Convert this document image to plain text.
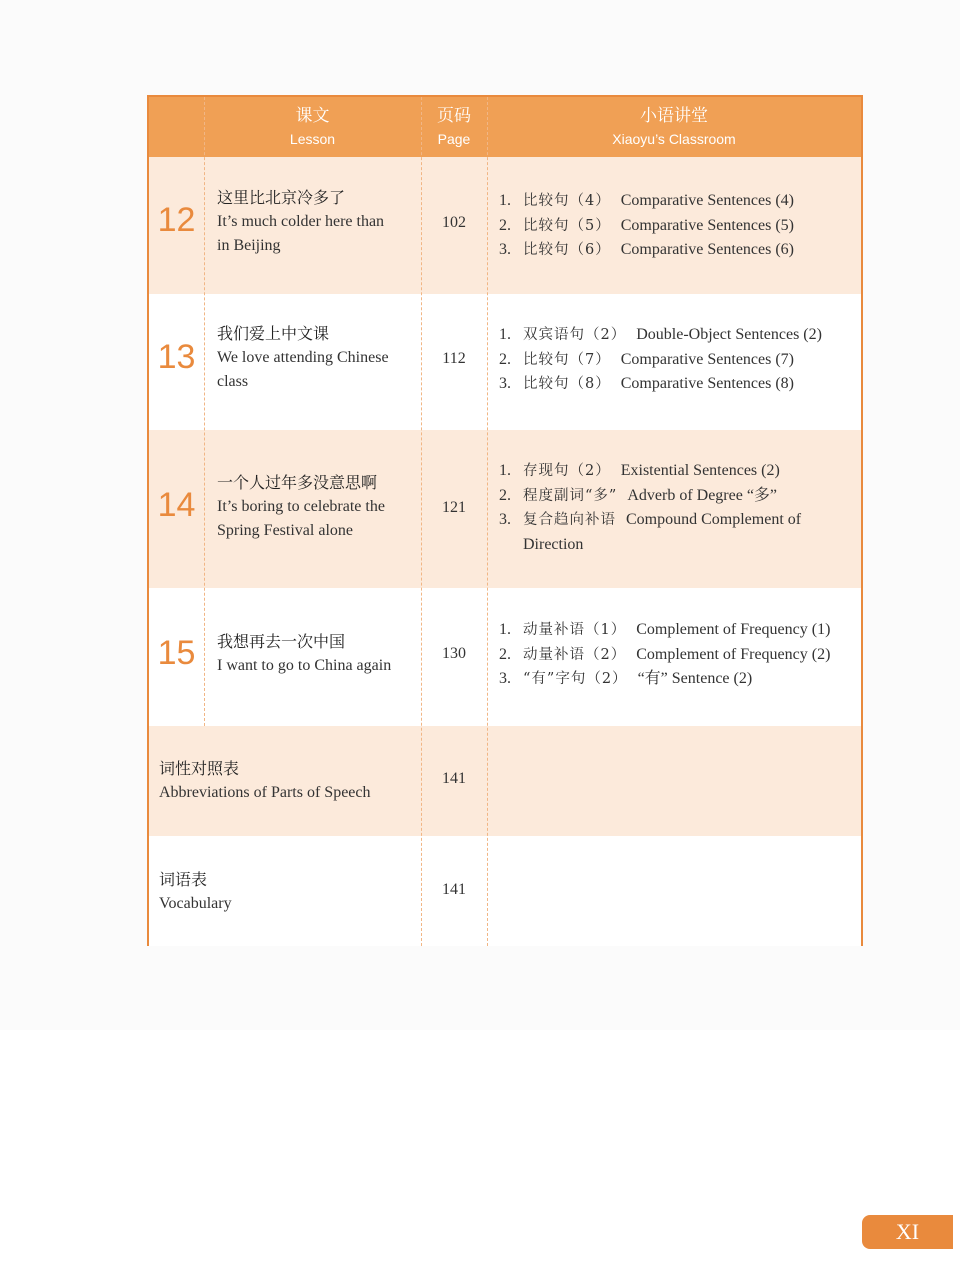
课文
Lesson
页码
Page
小语讲堂
Xiaoyu’s Classroom
12
这里比北京冷多了
It’s much colder here than
in Beijing
102
1. 比较句（4） Comparative Sentences (4)
2. 比较句（5） Comparative Sentences (5)
3. 比较句（6） Comparative Sentences (6)
13
我们爱上中文课
We love attending Chinese
class
112
1. 双宾语句（2） Double-Object Sentences (2)
2. 比较句（7） Comparative Sentences (7)
3. 比较句（8） Comparative Sentences (8)
14
一个人过年多没意思啊
It’s boring to celebrate the
Spring Festival alone
121
1. 存现句（2） Existential Sentences (2)
2. 程度副词“多” Adverb of Degree “多”
3. 复合趋向补语 Compound Complement of Direction
15	我想再去一次中国
I want to go to China again
130
1. 动量补语（1） Complement of Frequency (1)
2. 动量补语（2） Complement of Frequency (2)
3. “有”字句（2） “有” Sentence (2)
词性对照表
Abbreviations of Parts of Speech
141
词语表
Vocabulary
141
XI
